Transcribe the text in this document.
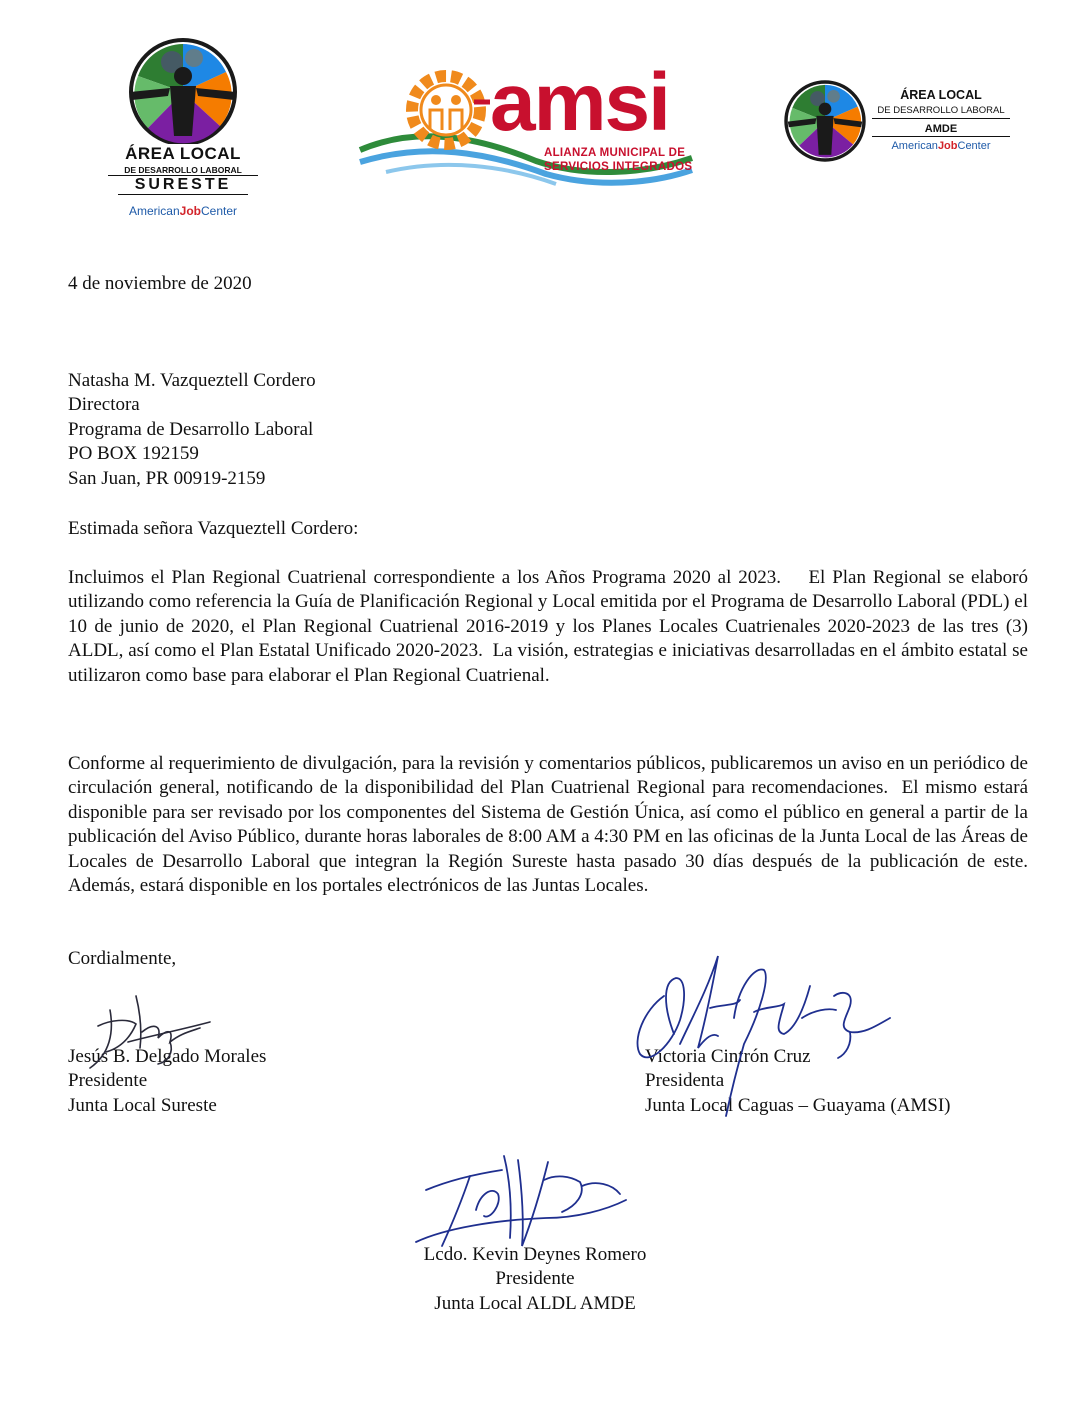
ÁREA LOCAL
DE DESARROLLO LABORAL
SURESTE
AmericanJobCenter
amsi
ALIANZA MUNICIPAL DE
SERVICIOS INTEGRADOS
ÁREA LOCAL
DE DESARROLLO LABORAL
AMDE
AmericanJobCenter
4 de noviembre de 2020
Natasha M. Vazqueztell Cordero
Directora
Programa de Desarrollo Laboral
PO BOX 192159
San Juan, PR 00919-2159
Estimada señora Vazqueztell Cordero:
Incluimos el Plan Regional Cuatrienal correspondiente a los Años Programa 2020 al 2023.    El Plan Regional se elaboró utilizando como referencia la Guía de Planificación Regional y Local emitida por el Programa de Desarrollo Laboral (PDL) el 10 de junio de 2020, el Plan Regional Cuatrienal 2016-2019 y los Planes Locales Cuatrienales 2020-2023 de las tres (3) ALDL, así como el Plan Estatal Unificado 2020-2023.  La visión, estrategias e iniciativas desarrolladas en el ámbito estatal se utilizaron como base para elaborar el Plan Regional Cuatrienal.
Conforme al requerimiento de divulgación, para la revisión y comentarios públicos, publicaremos un aviso en un periódico de circulación general, notificando de la disponibilidad del Plan Cuatrienal Regional para recomendaciones.  El mismo estará disponible para ser revisado por los componentes del Sistema de Gestión Única, así como el público en general a partir de la publicación del Aviso Público, durante horas laborales de 8:00 AM a 4:30 PM en las oficinas de la Junta Local de las Áreas de Locales de Desarrollo Laboral que integran la Región Sureste hasta pasado 30 días después de la publicación de este.  Además, estará disponible en los portales electrónicos de las Juntas Locales.
Cordialmente,
Jesús B. Delgado Morales
Presidente
Junta Local Sureste
Victoria Cintrón Cruz
Presidenta
Junta Local Caguas – Guayama (AMSI)
Lcdo. Kevin Deynes Romero
Presidente
Junta Local ALDL AMDE
